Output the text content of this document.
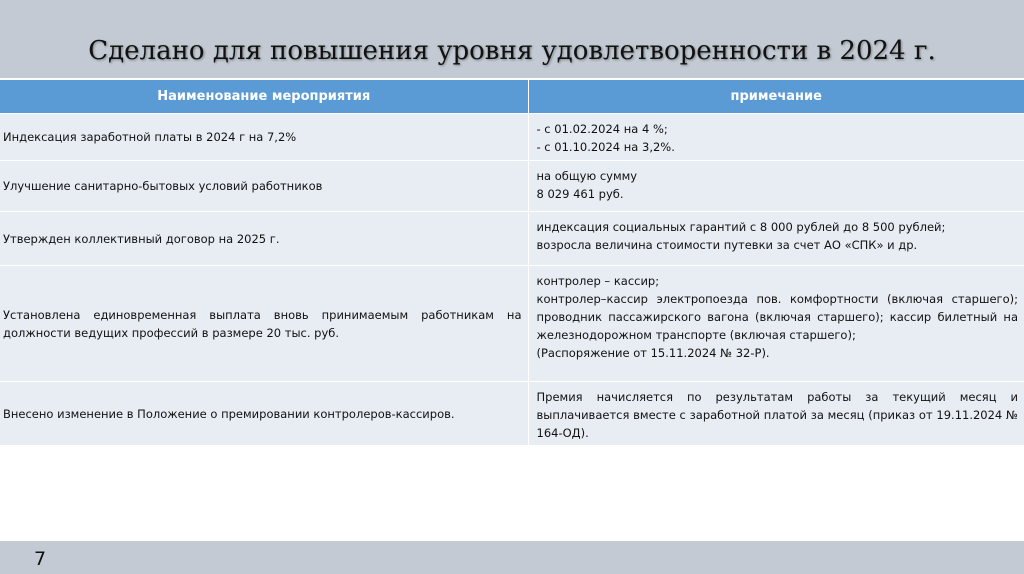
Сделано для повышения уровня удовлетворенности в 2024 г.
Наименование мероприятия	примечание
Индексация заработной платы в 2024 г на 7,2%	- с 01.02.2024 на 4 %;
- с 01.10.2024 на 3,2%.

Улучшение санитарно-бытовых условий работников	на общую сумму
8 029 461 руб.

Утвержден коллективный договор на 2025 г.	индексация социальных гарантий с 8 000 рублей до 8 500 рублей;
возросла величина стоимости путевки за счет АО «СПК» и др.

Установлена единовременная выплата вновь принимаемым работникам на должности ведущих профессий в размере 20 тыс. руб.	контролер – кассир;
контролер–кассир электропоезда пов. комфортности (включая старшего); проводник пассажирского вагона (включая старшего); кассир билетный на железнодорожном транспорте (включая старшего);
(Распоряжение от 15.11.2024 № 32-Р).

Внесено изменение в Положение о премировании контролеров-кассиров.	Премия начисляется по результатам работы за текущий месяц и выплачивается вместе с заработной платой за месяц (приказ от 19.11.2024 № 164-ОД).
7
